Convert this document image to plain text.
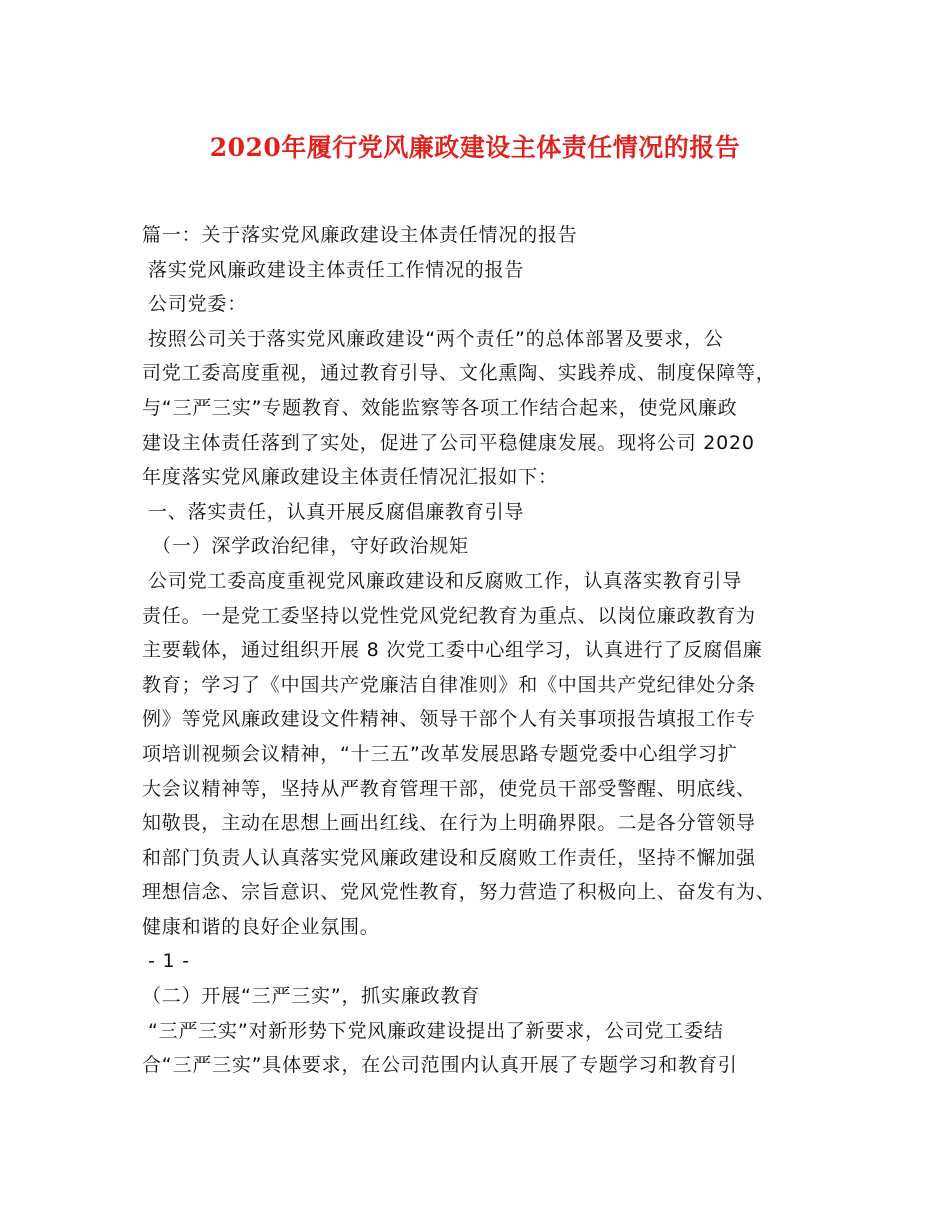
2020年履行党风廉政建设主体责任情况的报告
篇一：关于落实党风廉政建设主体责任情况的报告
落实党风廉政建设主体责任工作情况的报告
公司党委：
按照公司关于落实党风廉政建设“两个责任”的总体部署及要求，公
司党工委高度重视，通过教育引导、文化熏陶、实践养成、制度保障等，
与“三严三实”专题教育、效能监察等各项工作结合起来，使党风廉政
建设主体责任落到了实处，促进了公司平稳健康发展。现将公司 2020
年度落实党风廉政建设主体责任情况汇报如下：
一、落实责任，认真开展反腐倡廉教育引导
（一）深学政治纪律，守好政治规矩
公司党工委高度重视党风廉政建设和反腐败工作，认真落实教育引导
责任。一是党工委坚持以党性党风党纪教育为重点、以岗位廉政教育为
主要载体，通过组织开展 8 次党工委中心组学习，认真进行了反腐倡廉
教育；学习了《中国共产党廉洁自律准则》和《中国共产党纪律处分条
例》等党风廉政建设文件精神、领导干部个人有关事项报告填报工作专
项培训视频会议精神，“十三五”改革发展思路专题党委中心组学习扩
大会议精神等，坚持从严教育管理干部，使党员干部受警醒、明底线、
知敬畏，主动在思想上画出红线、在行为上明确界限。二是各分管领导
和部门负责人认真落实党风廉政建设和反腐败工作责任，坚持不懈加强
理想信念、宗旨意识、党风党性教育，努力营造了积极向上、奋发有为、
健康和谐的良好企业氛围。
- 1 -
（二）开展“三严三实”，抓实廉政教育
“三严三实”对新形势下党风廉政建设提出了新要求，公司党工委结
合“三严三实”具体要求，在公司范围内认真开展了专题学习和教育引
